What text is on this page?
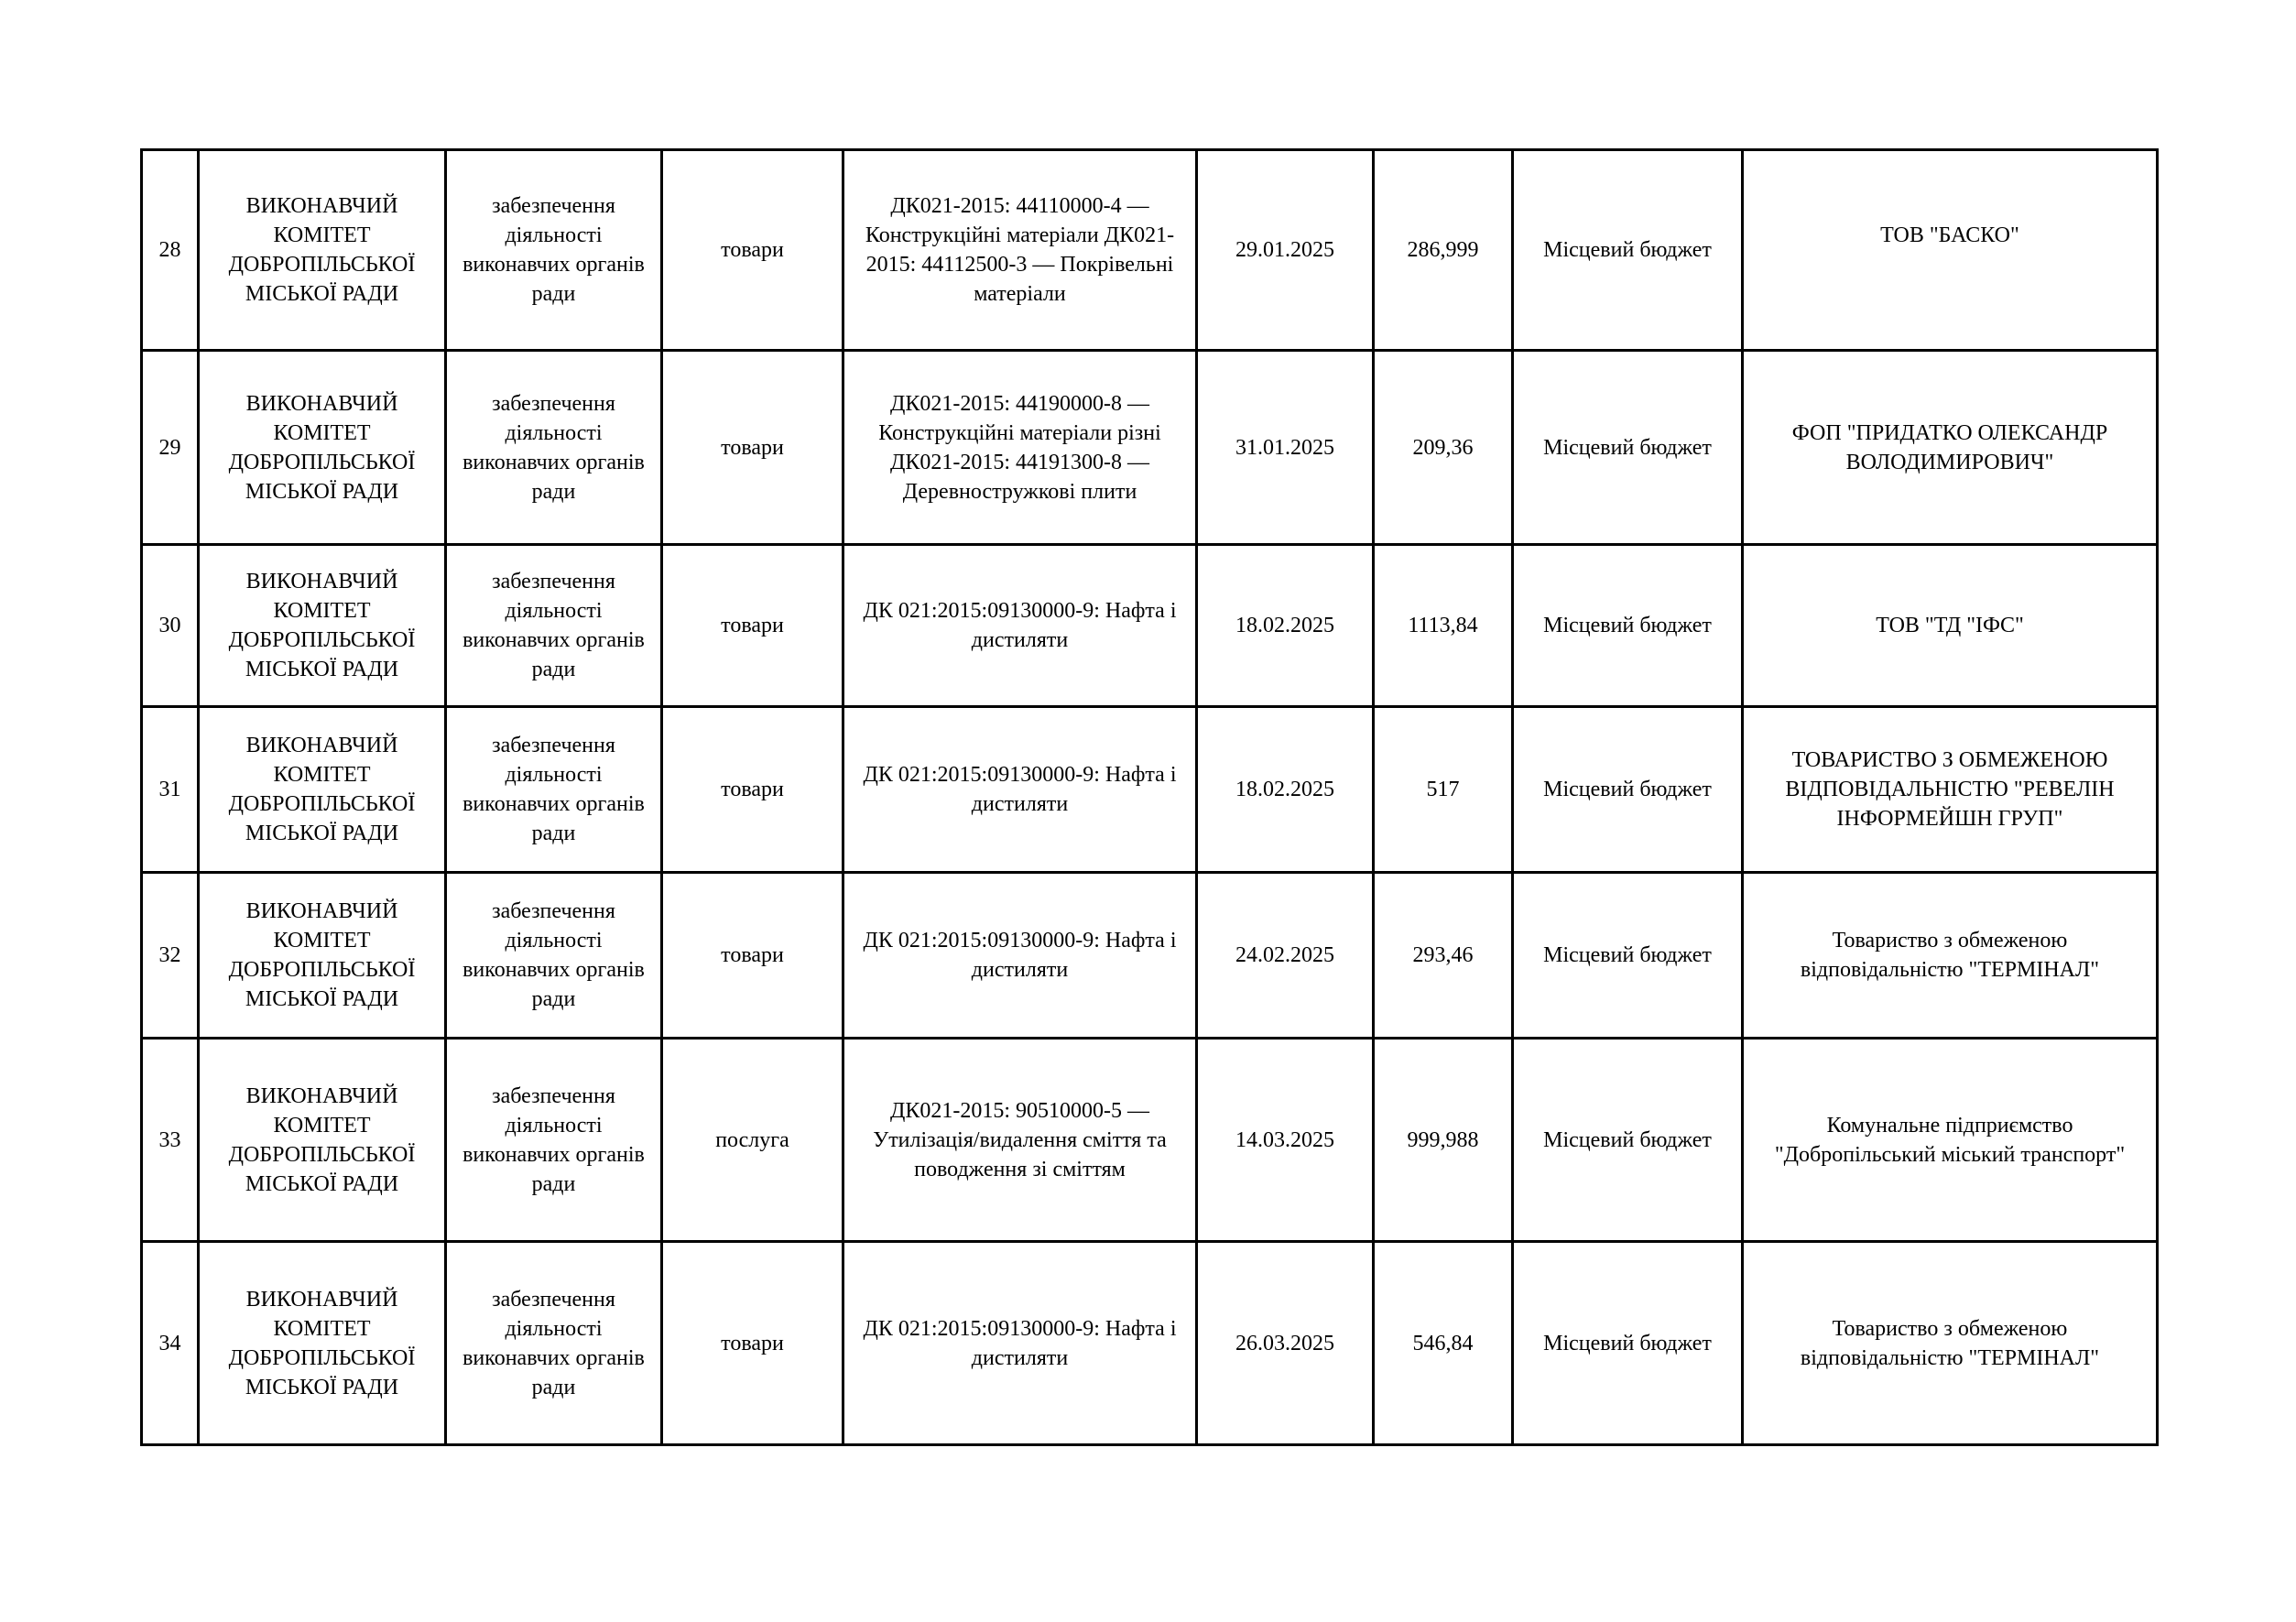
28	ВИКОНАВЧИЙ КОМІТЕТ ДОБРОПІЛЬСЬКОЇ МІСЬКОЇ РАДИ	забезпечення діяльності виконавчих органів ради	товари	ДК021-2015: 44110000-4 — Конструкційні матеріали ДК021-2015: 44112500-3 — Покрівельні матеріали	29.01.2025	286,999	Місцевий бюджет	ТОВ "БАСКО"

29	ВИКОНАВЧИЙ КОМІТЕТ ДОБРОПІЛЬСЬКОЇ МІСЬКОЇ РАДИ	забезпечення діяльності виконавчих органів ради	товари	ДК021-2015: 44190000-8 — Конструкційні матеріали різні ДК021-2015: 44191300-8 — Деревностружкові плити	31.01.2025	209,36	Місцевий бюджет	ФОП "ПРИДАТКО ОЛЕКСАНДР ВОЛОДИМИРОВИЧ"

30	ВИКОНАВЧИЙ КОМІТЕТ ДОБРОПІЛЬСЬКОЇ МІСЬКОЇ РАДИ	забезпечення діяльності виконавчих органів ради	товари	ДК 021:2015:09130000-9: Нафта і дистиляти	18.02.2025	1113,84	Місцевий бюджет	ТОВ "ТД "ІФС"

31	ВИКОНАВЧИЙ КОМІТЕТ ДОБРОПІЛЬСЬКОЇ МІСЬКОЇ РАДИ	забезпечення діяльності виконавчих органів ради	товари	ДК 021:2015:09130000-9: Нафта і дистиляти	18.02.2025	517	Місцевий бюджет	ТОВАРИСТВО З ОБМЕЖЕНОЮ ВІДПОВІДАЛЬНІСТЮ "РЕВЕЛІН ІНФОРМЕЙШН ГРУП"

32	ВИКОНАВЧИЙ КОМІТЕТ ДОБРОПІЛЬСЬКОЇ МІСЬКОЇ РАДИ	забезпечення діяльності виконавчих органів ради	товари	ДК 021:2015:09130000-9: Нафта і дистиляти	24.02.2025	293,46	Місцевий бюджет	Товариство з обмеженою відповідальністю "ТЕРМІНАЛ"

33	ВИКОНАВЧИЙ КОМІТЕТ ДОБРОПІЛЬСЬКОЇ МІСЬКОЇ РАДИ	забезпечення діяльності виконавчих органів ради	послуга	ДК021-2015: 90510000-5 — Утилізація/видалення сміття та поводження зі сміттям	14.03.2025	999,988	Місцевий бюджет	Комунальне підприємство "Добропільський міський транспорт"

34	ВИКОНАВЧИЙ КОМІТЕТ ДОБРОПІЛЬСЬКОЇ МІСЬКОЇ РАДИ	забезпечення діяльності виконавчих органів ради	товари	ДК 021:2015:09130000-9: Нафта і дистиляти	26.03.2025	546,84	Місцевий бюджет	Товариство з обмеженою відповідальністю "ТЕРМІНАЛ"
